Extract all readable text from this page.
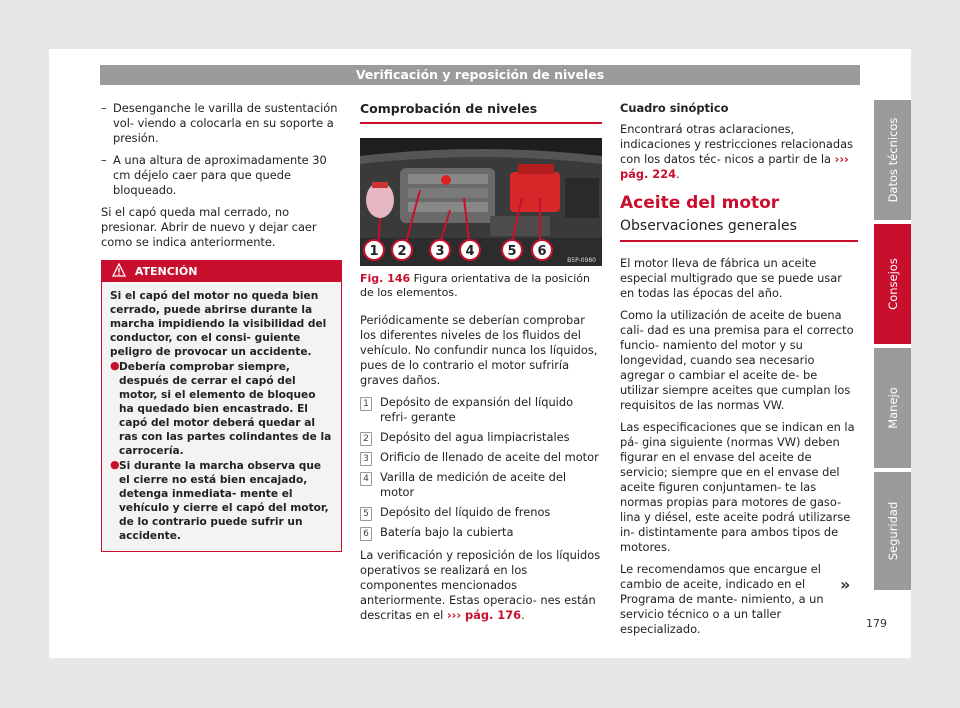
Verificación y reposición de niveles
– Desenganche le varilla de sustentación vol- viendo a colocarla en su soporte a presión.
– A una altura de aproximadamente 30 cm déjelo caer para que quede bloqueado.

Si el capó queda mal cerrado, no presionar. Abrir de nuevo y dejar caer como se indica anteriormente.

ATENCIÓN
Si el capó del motor no queda bien cerrado, puede abrirse durante la marcha impidiendo la visibilidad del conductor, con el consi- guiente peligro de provocar un accidente.
● Debería comprobar siempre, después de cerrar el capó del motor, si el elemento de bloqueo ha quedado bien encastrado. El capó del motor deberá quedar al ras con las partes colindantes de la carrocería.
● Si durante la marcha observa que el cierre no está bien encajado, detenga inmediata- mente el vehículo y cierre el capó del motor, de lo contrario puede sufrir un accidente.
Comprobación de niveles
1 2 3 4	5 6
B5P-0980
Fig. 146 Figura orientativa de la posición de los elementos.

Periódicamente se deberían comprobar los diferentes niveles de los fluidos del vehículo. No confundir nunca los líquidos, pues de lo contrario el motor sufriría graves daños.

1 Depósito de expansión del líquido refri- gerante
2 Depósito del agua limpiacristales
3 Orificio de llenado de aceite del motor
4 Varilla de medición de aceite del motor
5 Depósito del líquido de frenos
6 Batería bajo la cubierta

La verificación y reposición de los líquidos operativos se realizará en los componentes mencionados anteriormente. Estas operacio- nes están descritas en el ››› pág. 176.

Cuadro sinóptico

Encontrará otras aclaraciones, indicaciones y restricciones relacionadas con los datos téc- nicos a partir de la ››› pág. 224.

Aceite del motor
Observaciones generales

El motor lleva de fábrica un aceite especial multigrado que se puede usar en todas las épocas del año.

Como la utilización de aceite de buena cali- dad es una premisa para el correcto funcio- namiento del motor y su longevidad, cuando sea necesario agregar o cambiar el aceite de- be utilizar siempre aceites que cumplan los requisitos de las normas VW.

Las especificaciones que se indican en la pá- gina siguiente (normas VW) deben figurar en el envase del aceite de servicio; siempre que en el envase del aceite figuren conjuntamen- te las normas propias para motores de gaso- lina y diésel, este aceite podrá utilizarse in- distintamente para ambos tipos de motores.

Le recomendamos que encargue el cambio de aceite, indicado en el Programa de mante- nimiento, a un servicio técnico o a un taller especializado.

»
Datos técnicos
Consejos
Manejo
Seguridad
179
